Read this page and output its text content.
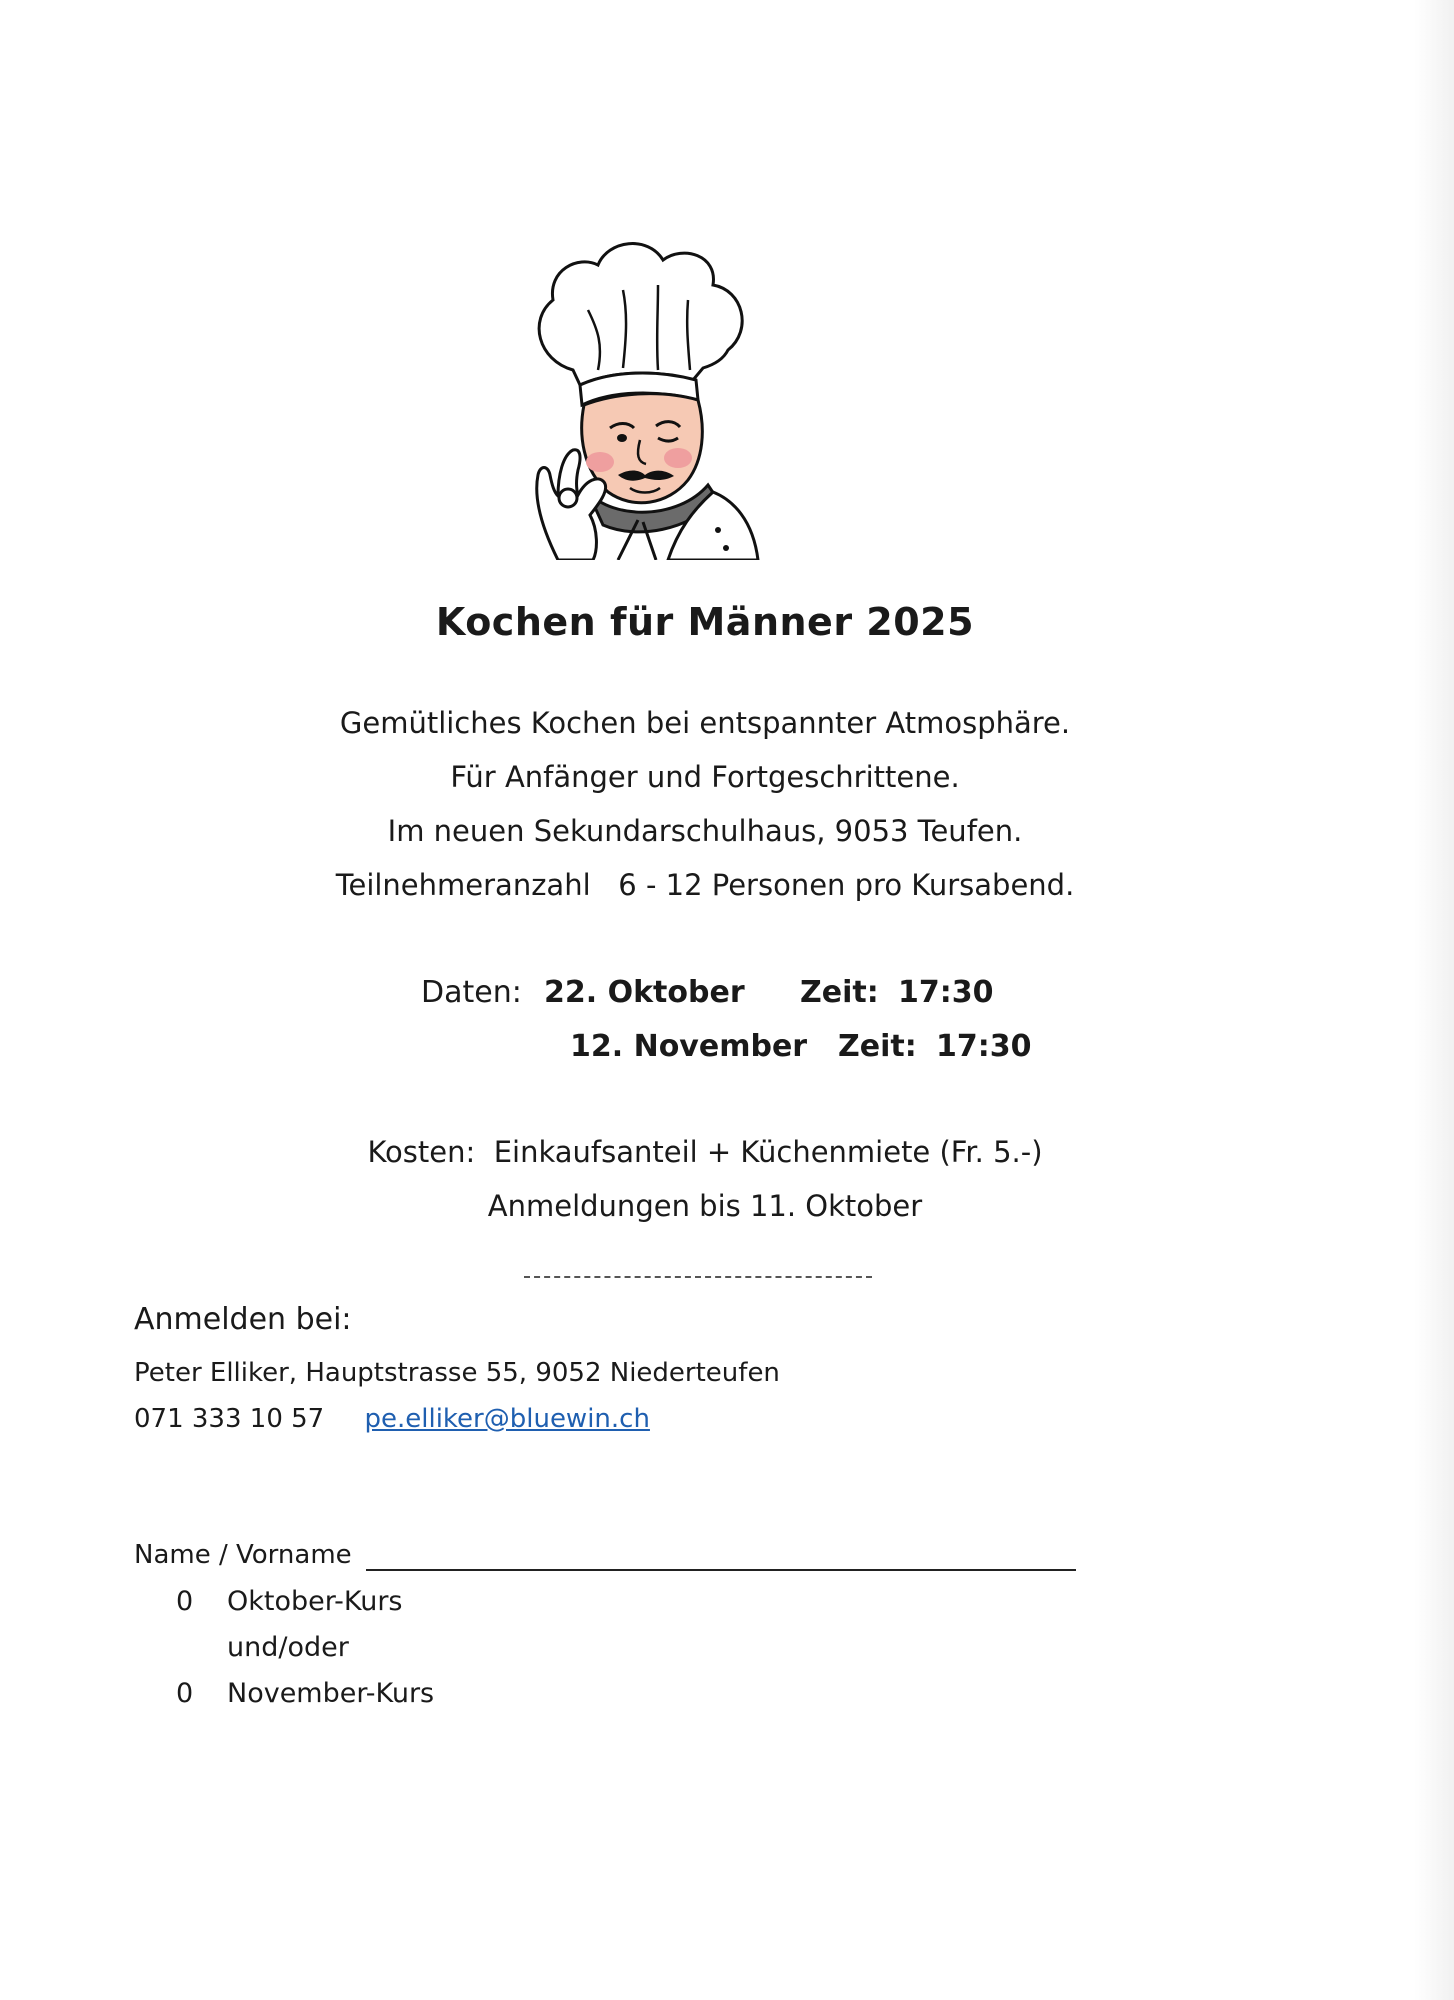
Kochen für Männer 2025
Gemütliches Kochen bei entspannter Atmosphäre.
Für Anfänger und Fortgeschrittene.
Im neuen Sekundarschulhaus, 9053 Teufen.
Teilnehmeranzahl   6 - 12 Personen pro Kursabend.
Daten: 22. Oktober Zeit: 17:30
12. November Zeit: 17:30
Kosten:  Einkaufsanteil + Küchenmiete (Fr. 5.-)
Anmeldungen bis 11. Oktober
Anmelden bei:
Peter Elliker, Hauptstrasse 55, 9052 Niederteufen
071 333 10 57 pe.elliker@bluewin.ch
Name / Vorname
0 Oktober-Kurs
und/oder
0 November-Kurs
